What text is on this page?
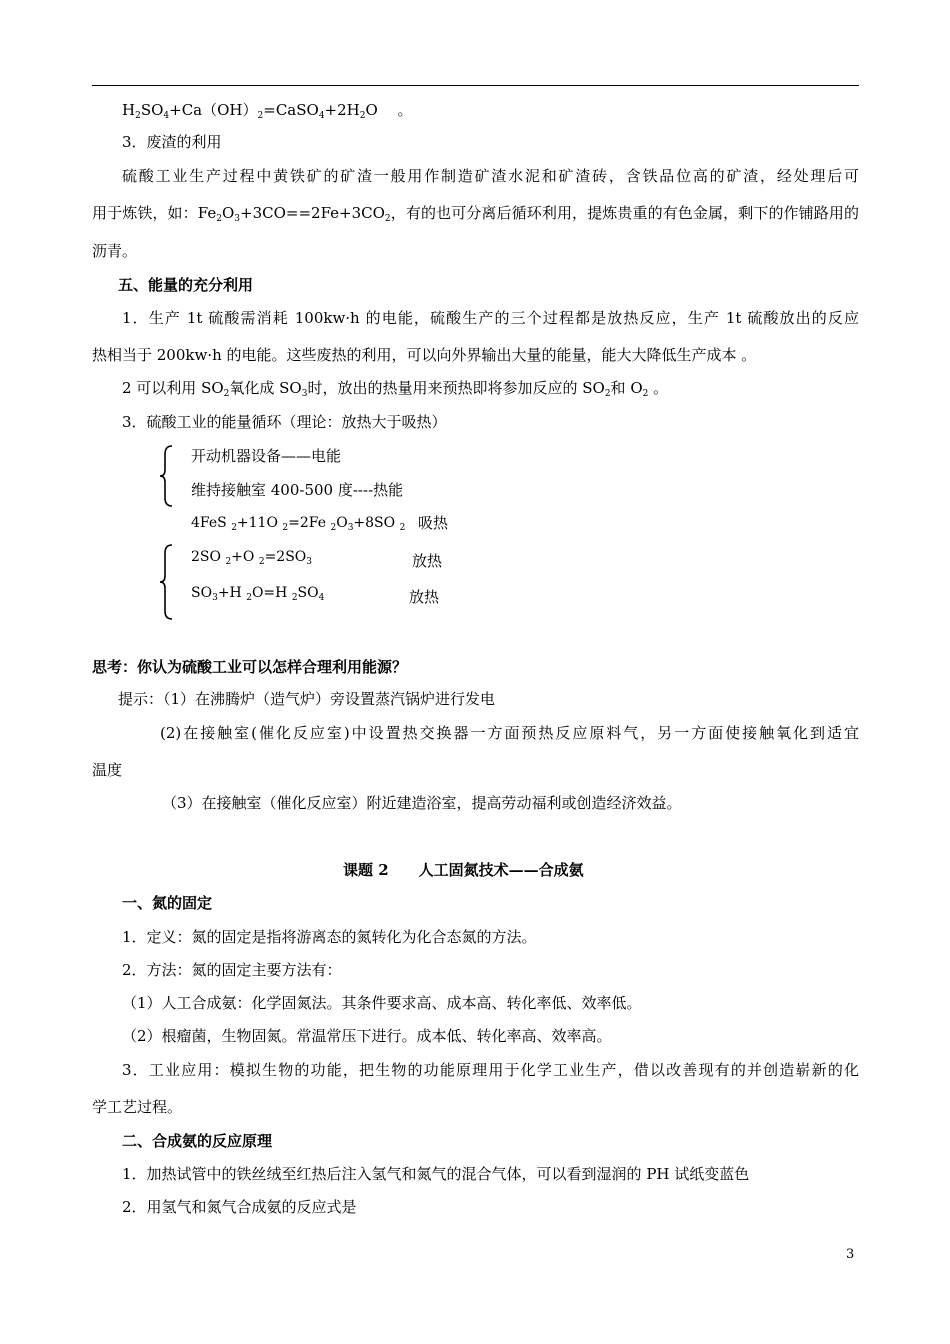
$H_2SO_4+Ca(OH)_2=CaSO_4+2H_2O$　 。
3．废渣的利用
硫酸工业生产过程中黄铁矿的矿渣一般用作制造矿渣水泥和矿渣砖，含铁品位高的矿渣，经处理后可
用于炼铁，如：$Fe_2O_3+3CO==2Fe+3CO_2$，有的也可分离后循环利用，提炼贵重的有色金属，剩下的作铺路用的
沥青。
五、能量的充分利用
1．生产 1t 硫酸需消耗 100kw·h 的电能，硫酸生产的三个过程都是放热反应，生产 1t 硫酸放出的反应
热相当于 200kw·h 的电能。这些废热的利用，可以向外界输出大量的能量，能大大降低生产成本 。
2 可以利用 $SO_2$氧化成 $SO_3$时，放出的热量用来预热即将参加反应的 $SO_2$和 $O_2$ 。
3．硫酸工业的能量循环（理论：放热大于吸热）
开动机器设备——电能
维持接触室 400-500 度----热能
4FeS $_2$+11O $_2$=2Fe $_2O_3+8SO$ $_2$ 吸热
2SO $_2$+O $_2=2SO_3$	放热
$SO_3+H$ $_2$O=H $_2SO_4$	放热
思考：你认为硫酸工业可以怎样合理利用能源？
提示：（1）在沸腾炉（造气炉）旁设置蒸汽锅炉进行发电
(2)在接触室(催化反应室)中设置热交换器一方面预热反应原料气，另一方面使接触氧化到适宜
温度
（3）在接触室（催化反应室）附近建造浴室，提高劳动福利或创造经济效益。
课题 2　　人工固氮技术——合成氨
一、氮的固定
1．定义：氮的固定是指将游离态的氮转化为化合态氮的方法。
2．方法：氮的固定主要方法有：
（1）人工合成氨：化学固氮法。其条件要求高、成本高、转化率低、效率低。
（2）根瘤菌，生物固氮。常温常压下进行。成本低、转化率高、效率高。
3．工业应用：模拟生物的功能，把生物的功能原理用于化学工业生产，借以改善现有的并创造崭新的化
学工艺过程。
二、合成氨的反应原理
1．加热试管中的铁丝绒至红热后注入氢气和氮气的混合气体，可以看到湿润的 PH 试纸变蓝色
2．用氢气和氮气合成氨的反应式是
3
